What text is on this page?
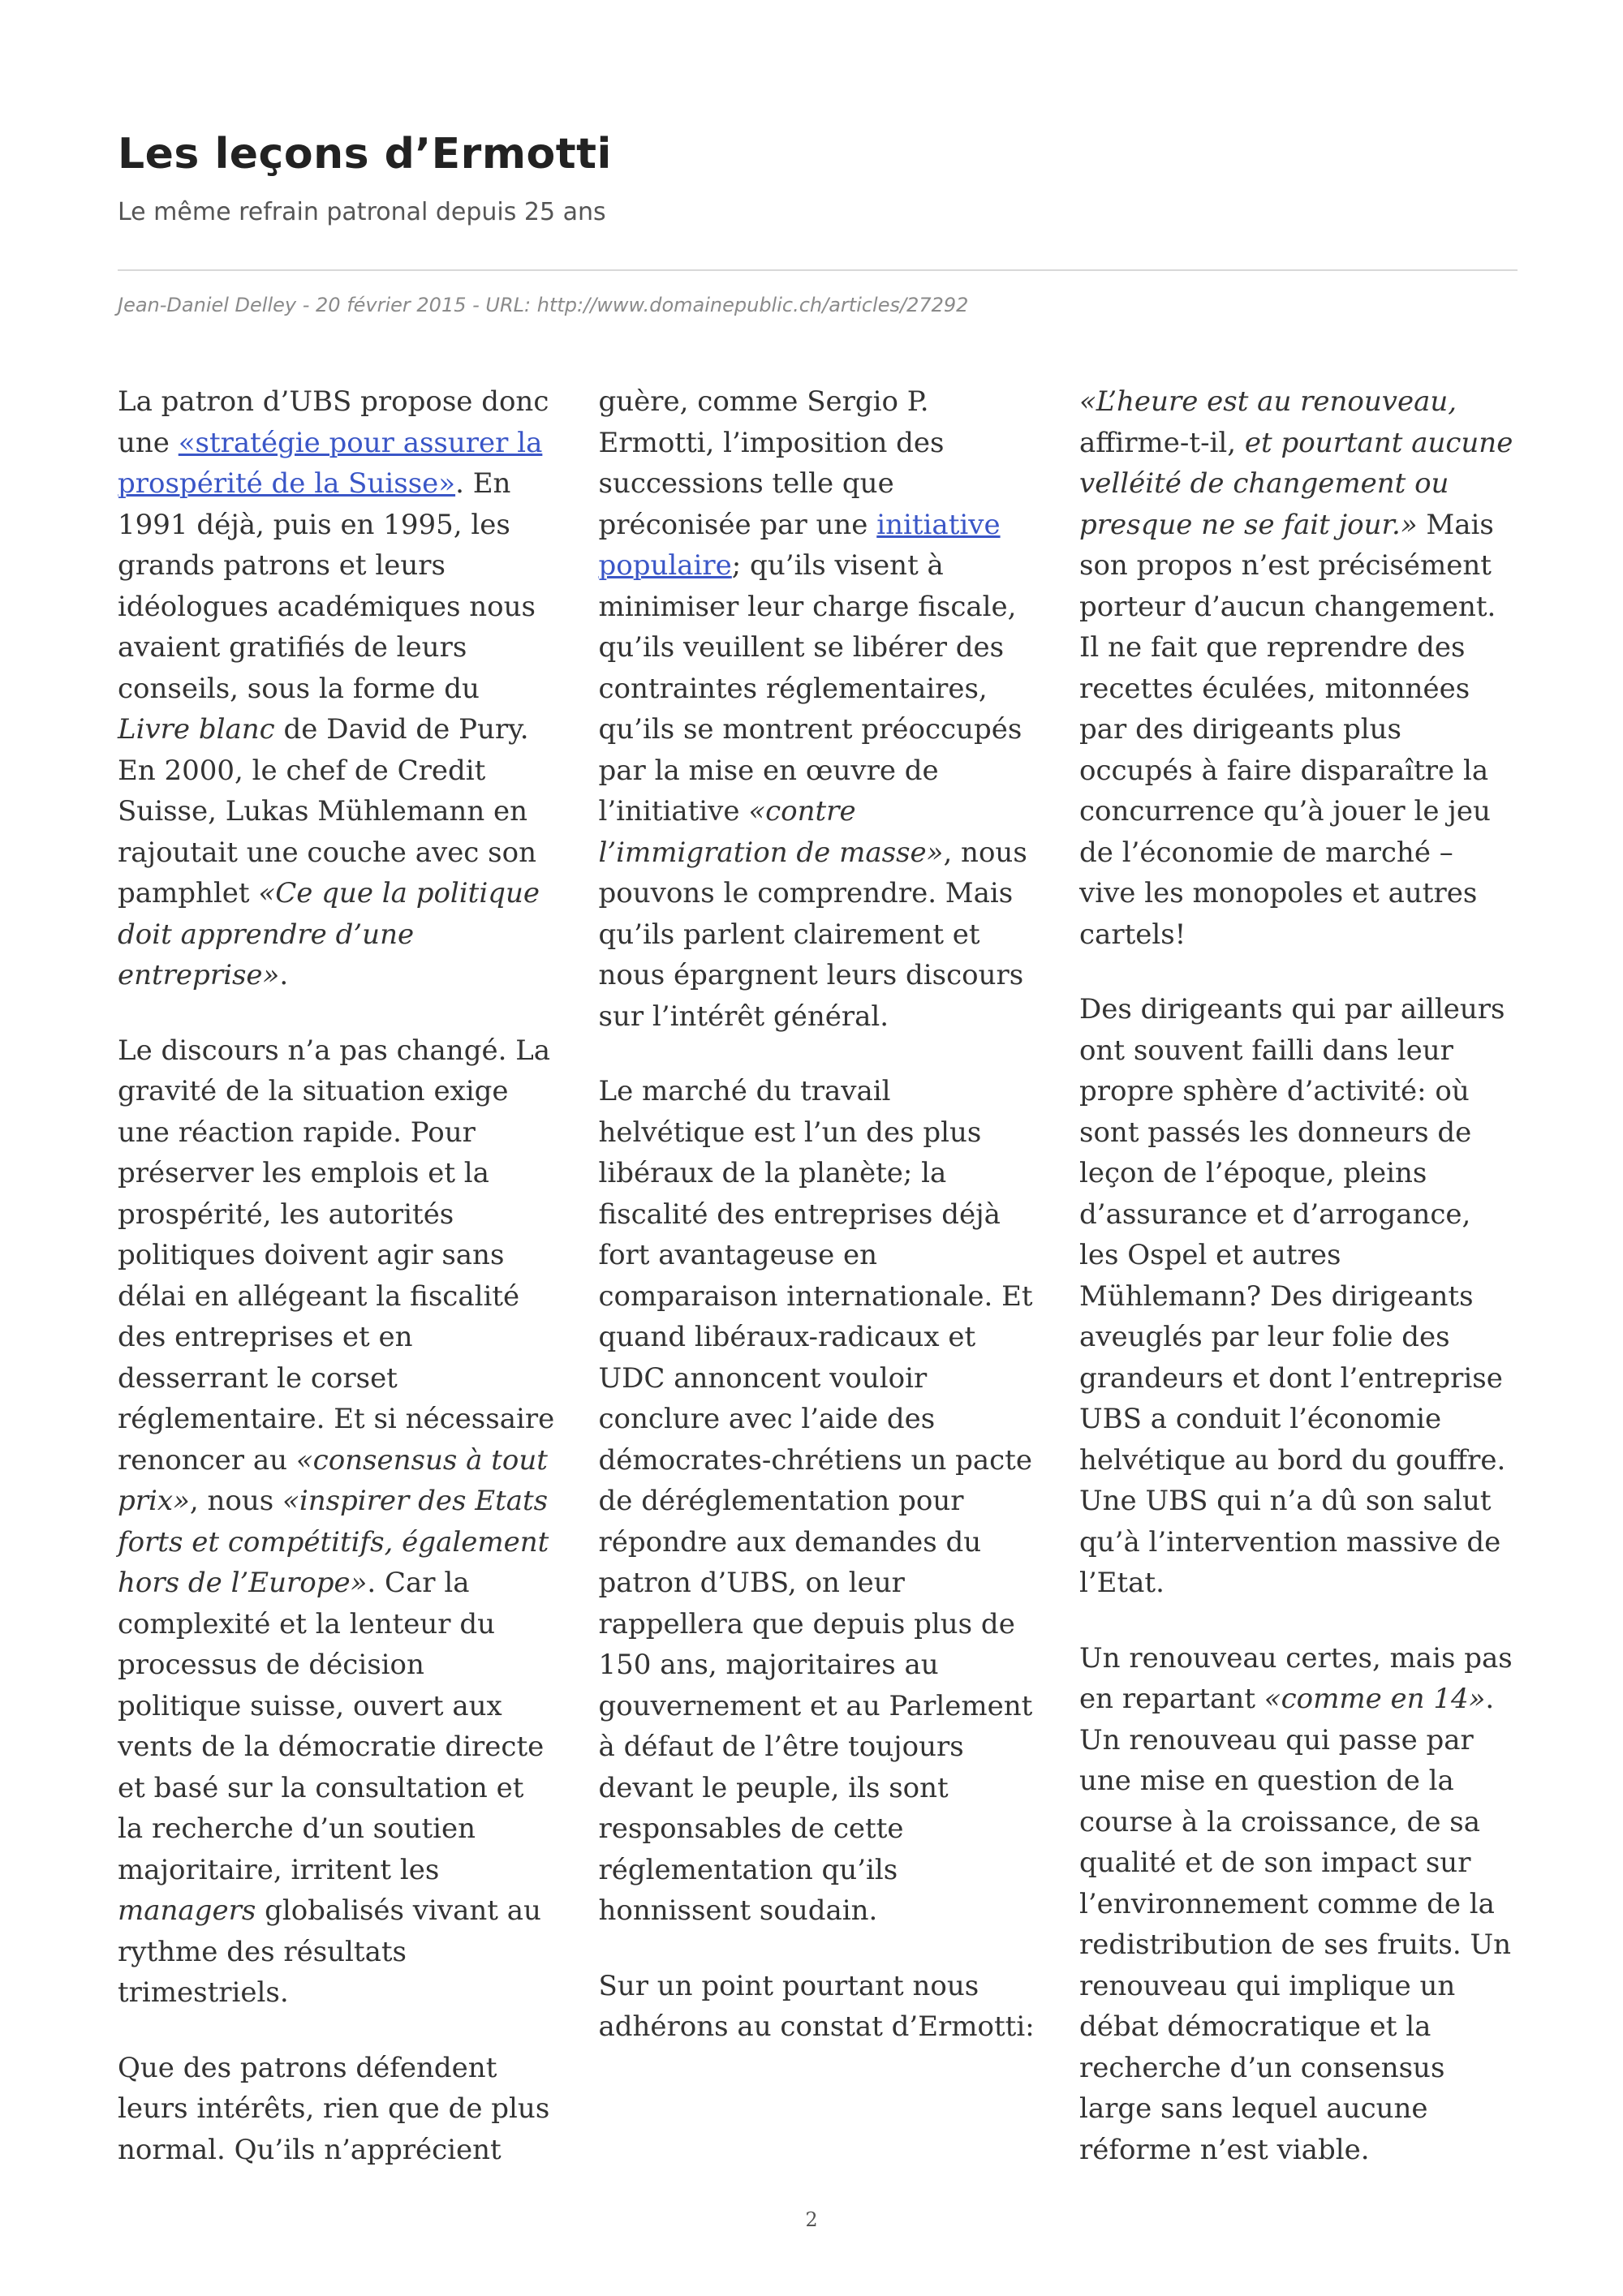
Les leçons d’Ermotti

Le même refrain patronal depuis 25 ans

Jean-Daniel Delley - 20 février 2015 - URL: http://www.domainepublic.ch/articles/27292

La patron d’UBS propose donc une «stratégie pour assurer la prospérité de la Suisse». En 1991 déjà, puis en 1995, les grands patrons et leurs idéologues académiques nous avaient gratifiés de leurs conseils, sous la forme du Livre blanc de David de Pury. En 2000, le chef de Credit Suisse, Lukas Mühlemann en rajoutait une couche avec son pamphlet «Ce que la politique doit apprendre d’une entreprise».

Le discours n’a pas changé. La gravité de la situation exige une réaction rapide. Pour préserver les emplois et la prospérité, les autorités politiques doivent agir sans délai en allégeant la fiscalité des entreprises et en desserrant le corset réglementaire. Et si nécessaire renoncer au «consensus à tout prix», nous «inspirer des Etats forts et compétitifs, également hors de l’Europe». Car la complexité et la lenteur du processus de décision politique suisse, ouvert aux vents de la démocratie directe et basé sur la consultation et la recherche d’un soutien majoritaire, irritent les managers globalisés vivant au rythme des résultats trimestriels.

Que des patrons défendent leurs intérêts, rien que de plus normal. Qu’ils n’apprécient

guère, comme Sergio P. Ermotti, l’imposition des successions telle que préconisée par une initiative populaire; qu’ils visent à minimiser leur charge fiscale, qu’ils veuillent se libérer des contraintes réglementaires, qu’ils se montrent préoccupés par la mise en œuvre de l’initiative «contre l’immigration de masse», nous pouvons le comprendre. Mais qu’ils parlent clairement et nous épargnent leurs discours sur l’intérêt général.

Le marché du travail helvétique est l’un des plus libéraux de la planète; la fiscalité des entreprises déjà fort avantageuse en comparaison internationale. Et quand libéraux-radicaux et UDC annoncent vouloir conclure avec l’aide des démocrates-chrétiens un pacte de déréglementation pour répondre aux demandes du patron d’UBS, on leur rappellera que depuis plus de 150 ans, majoritaires au gouvernement et au Parlement à défaut de l’être toujours devant le peuple, ils sont responsables de cette réglementation qu’ils honnissent soudain.

Sur un point pourtant nous adhérons au constat d’Ermotti:

«L’heure est au renouveau, affirme-t-il, et pourtant aucune velléité de changement ou presque ne se fait jour.» Mais son propos n’est précisément porteur d’aucun changement. Il ne fait que reprendre des recettes éculées, mitonnées par des dirigeants plus occupés à faire disparaître la concurrence qu’à jouer le jeu de l’économie de marché – vive les monopoles et autres cartels!

Des dirigeants qui par ailleurs ont souvent failli dans leur propre sphère d’activité: où sont passés les donneurs de leçon de l’époque, pleins d’assurance et d’arrogance, les Ospel et autres Mühlemann? Des dirigeants aveuglés par leur folie des grandeurs et dont l’entreprise UBS a conduit l’économie helvétique au bord du gouffre. Une UBS qui n’a dû son salut qu’à l’intervention massive de l’Etat.

Un renouveau certes, mais pas en repartant «comme en 14». Un renouveau qui passe par une mise en question de la course à la croissance, de sa qualité et de son impact sur l’environnement comme de la redistribution de ses fruits. Un renouveau qui implique un débat démocratique et la recherche d’un consensus large sans lequel aucune réforme n’est viable.

2
